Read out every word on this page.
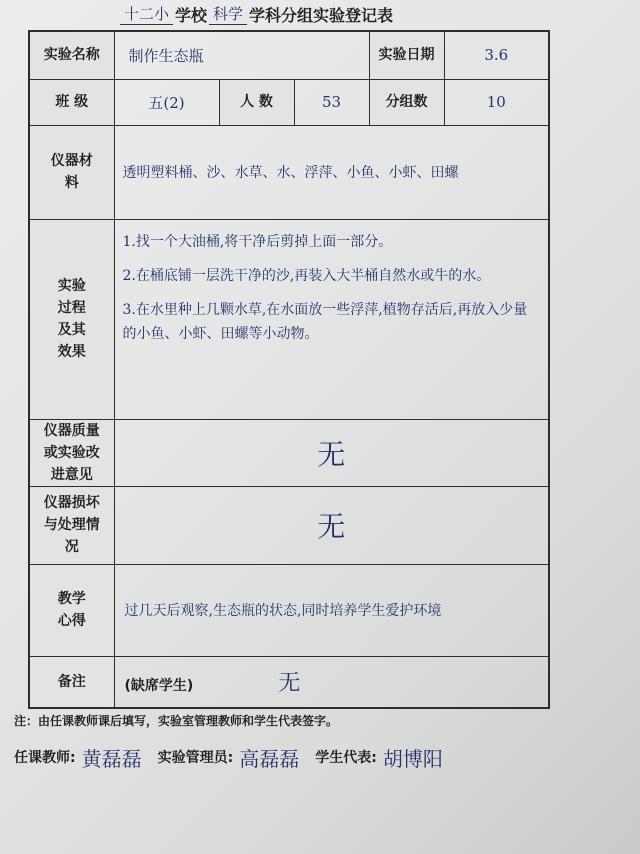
十二小 学校 科学 学科分组实验登记表
实验名称	制作生态瓶			实验日期	3.6
班 级	五(2)	人 数	53	分组数	10
仪器材料	透明塑料桶、沙、水草、水、浮萍、小鱼、小虾、田螺				
实验过程及其效果	1.找一个大油桶,将干净后剪掉上面一部分。

2.在桶底铺一层洗干净的沙,再装入大半桶自然水或牛的水。

3.在水里种上几颗水草,在水面放一些浮萍,植物存活后,再放入少量的小鱼、小虾、田螺等小动物。				

仪器质量或实验改进意见	无				
仪器损坏与处理情况	无				
教学心得	过几天后观察,生态瓶的状态,同时培养学生爱护环境				
备注	(缺席学生) 无				
注：由任课教师课后填写，实验室管理教师和学生代表签字。
任课教师: 黄磊磊 实验管理员: 高磊磊 学生代表: 胡博阳
